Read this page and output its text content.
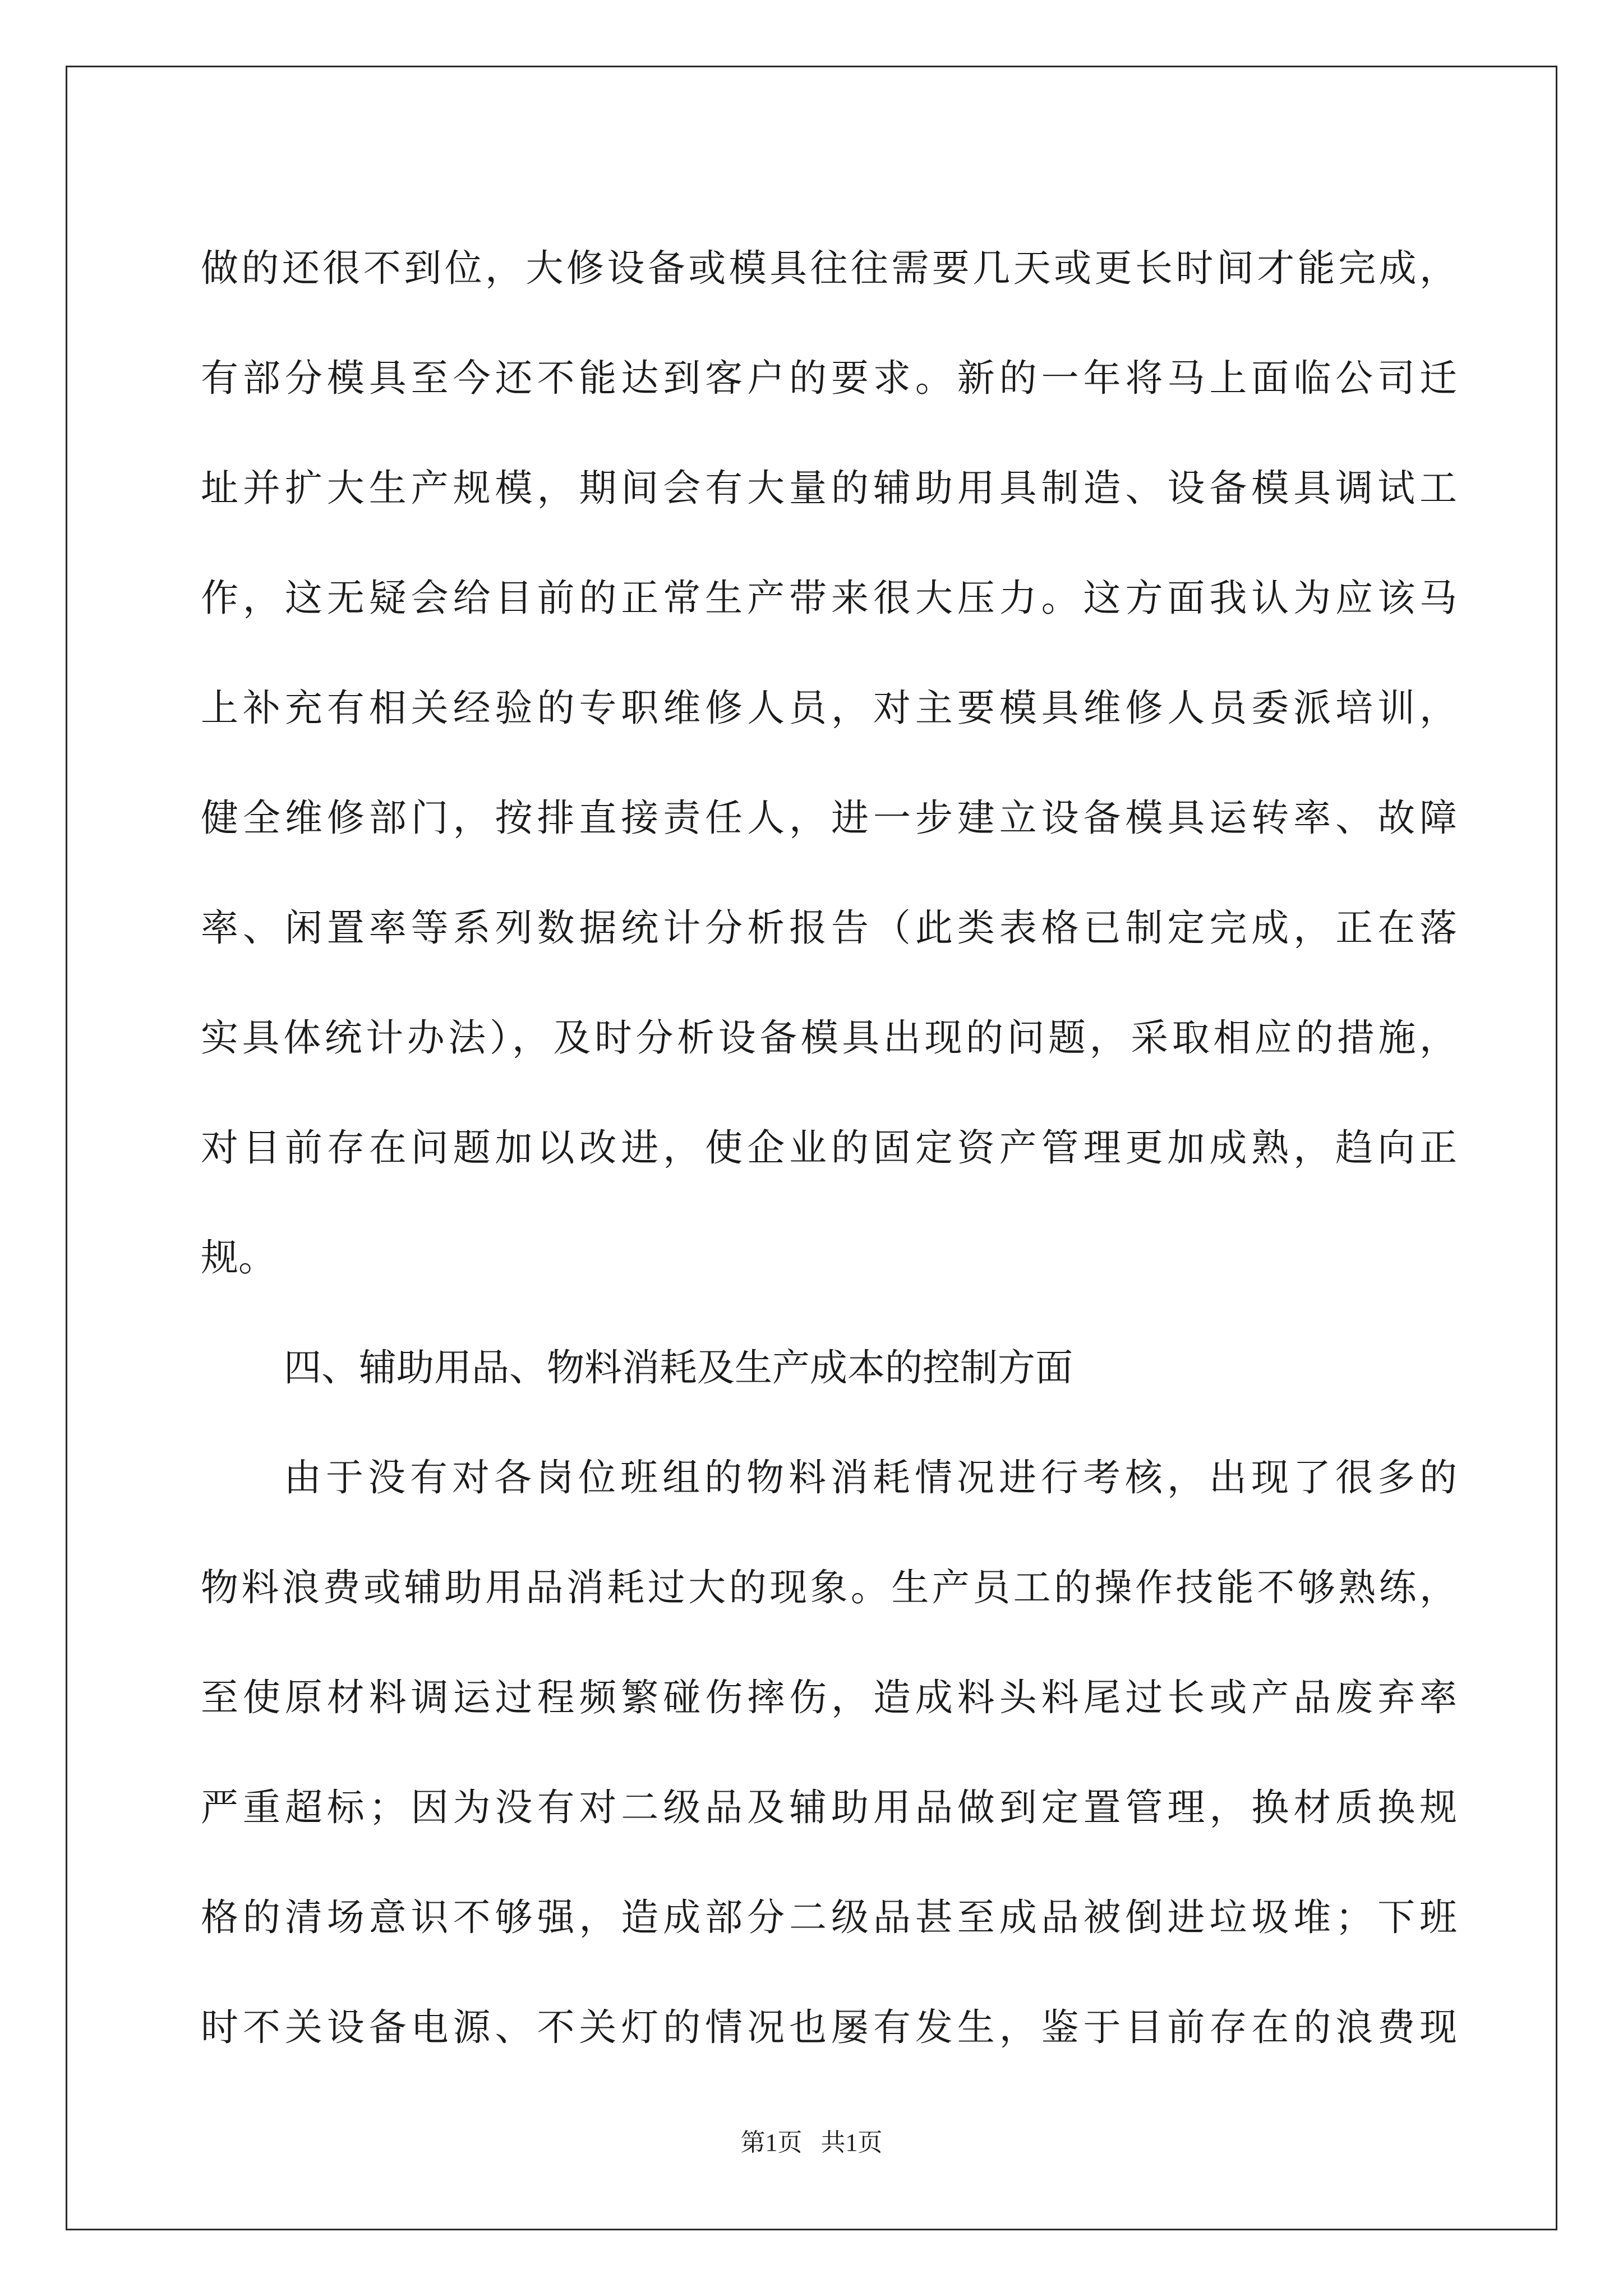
做的还很不到位，大修设备或模具往往需要几天或更长时间才能完成，
有部分模具至今还不能达到客户的要求。新的一年将马上面临公司迁
址并扩大生产规模，期间会有大量的辅助用具制造、设备模具调试工
作，这无疑会给目前的正常生产带来很大压力。这方面我认为应该马
上补充有相关经验的专职维修人员，对主要模具维修人员委派培训，
健全维修部门，按排直接责任人，进一步建立设备模具运转率、故障
率、闲置率等系列数据统计分析报告（此类表格已制定完成，正在落
实具体统计办法），及时分析设备模具出现的问题，采取相应的措施，
对目前存在问题加以改进，使企业的固定资产管理更加成熟，趋向正
规。
四、辅助用品、物料消耗及生产成本的控制方面
由于没有对各岗位班组的物料消耗情况进行考核，出现了很多的
物料浪费或辅助用品消耗过大的现象。生产员工的操作技能不够熟练，
至使原材料调运过程频繁碰伤摔伤，造成料头料尾过长或产品废弃率
严重超标；因为没有对二级品及辅助用品做到定置管理，换材质换规
格的清场意识不够强，造成部分二级品甚至成品被倒进垃圾堆；下班
时不关设备电源、不关灯的情况也屡有发生，鉴于目前存在的浪费现
第1页   共1页
